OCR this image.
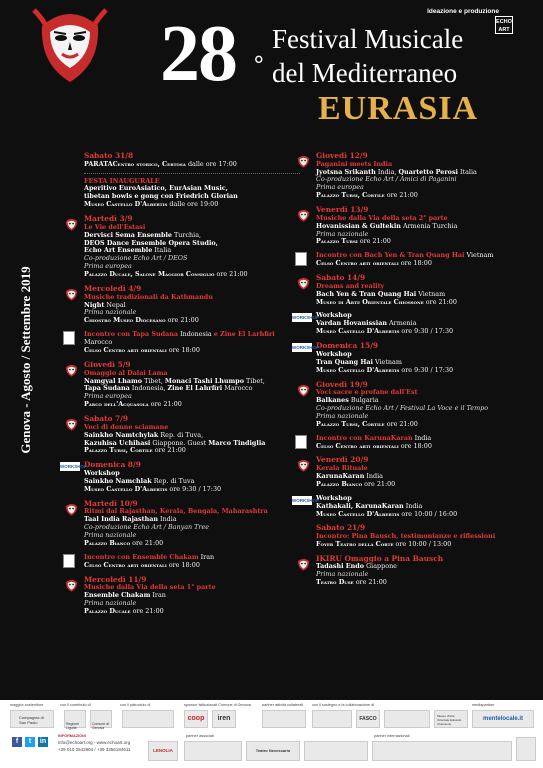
Ideazione e produzione
ECHO ART
28 °
Festival Musicale
del Mediterraneo
EURASIA
Genova - Agosto / Settembre 2019
Sabato 31/8
PARATACentro storico, Certosa dalle ore 17:00

FESTA INAUGURALE
Aperitivo EuroAsiatico, EurAsian Music,
tibetan bowls e gong con Friedrich Glorian
Museo Castello D'Albertis dalle ore 19:00
Martedì 3/9
Le Vie dell'Estasi
Dervisci Sema Ensemble Turchia,
DEOS Dance Ensemble Opera Studio,
Echo Art Ensemble Italia
Co-produzione Echo Art / DEOS
Prima europea
Palazzo Ducale, Salone Maggior Consiglio ore 21:00
Mercoledì 4/9
Musiche tradizionali da Kathmandu
Night Nepal
Prima nazionale
Chiostro Museo Diocesano ore 21:00
Incontro con Tapa Sudana Indonesia e Zine El Larhfiri Marocco
Celso Centro arti orientali ore 18:00
Giovedì 5/9
Omaggio al Dalai Lama
Namgyal Lhamo Tibet, Monaci Tashi Lhumpo Tibet,
Tapa Sudana Indonesia, Zine El Lahrfiri Marocco
Prima europea
Parco dell'Acquasola ore 21:00
Sabato 7/9
Voci di donne sciamane
Sainkho Namtchylak Rep. di Tuva,
Kazuhisa Uchihasi Giappone. Guest Marco Tindiglia
Palazzo Tursi, Cortile ore 21:00
WORKSHOP
Domenica 8/9
Workshop
Sainkho Namchlak Rep. di Tuva
Museo Castello D'Albertis ore 9:30 / 17:30
Martedì 10/9
Ritmi dal Rajasthan, Kerala, Bengala, Maharashtra
Taal India Rajasthan India
Co-produzione Echo Art / Banyan Tree
Prima nazionale
Palazzo Bianco ore 21:00
Incontro con Ensemble Chakam Iran
Celso Centro arti orientali ore 18:00
Mercoledì 11/9
Musiche dalla Via della seta 1° parte
Ensemble Chakam Iran
Prima nazionale
Palazzo Ducale ore 21:00
Giovedì 12/9
Paganini meets India
Jyotsna Srikanth India, Quartetto Perosi Italia
Co-produzione Echo Art / Amici di Paganini
Prima europea
Palazzo Tursi, Cortile ore 21:00
Venerdì 13/9
Musiche dalla Via della seta 2° parte
Hovanissian & Gultekin Armenia Turchia
Prima nazionale
Palazzo Tursi ore 21:00
Incontro con Bach Yen & Tran Quang Hai Vietnam
Celso Centro arti orientali ore 18:00
Sabato 14/9
Dreams and reality
Bach Yen & Tran Quang Hai Vietnam
Museo di Arte Orientale Chiossone ore 21:00
WORKSHOP
Workshop
Vardan Hovanissian Armenia
Museo Castello D'Albertis ore 9:30 / 17:30
WORKSHOP
Domenica 15/9
Workshop
Tran Quang Hai Vietnam
Museo Castello D'Albertis ore 9:30 / 17:30
Giovedì 19/9
Voci sacre e profane dall'Est
Balkanes Bulgaria
Co-produzione Echo Art / Festival La Voce e il Tempo
Prima nazionale
Palazzo Tursi, Cortile ore 21:00
Incontro con KarunaKaran India
Celso Centro arti orientali ore 18:00
Venerdì 20/9
Kerala Rituale
KarunaKaran India
Palazzo Bianco ore 21:00
WORKSHOP
Workshop
Kathakali, KarunaKaran India
Museo Castello D'Albertis ore 10:00 / 16:00
Sabato 21/9
Incontro: Pina Bausch, testimonianze e riflessioni
Foyer Teatro della Corte ore 10:00 / 13:00
IKIRU Omaggio a Pina Bausch
Tadashi Endo Giappone
Prima nazionale
Teatro Duse ore 21:00
maggior sostenitore	con il contributo di	con il patrocinio di	sponsor istituzionali Comune di Genova	partner attività collaterali con il sostegno e la collaborazione di	mediapartner
Compagnia di San Paolo	Regione Liguria
Comune di Genova
coop	iren	FASCO	Museo d'Arte Orientale Edoardo Chiossone
mentelocale.it
f	t	in
INFORMAZIONI
info@echoart.org - www.echoart.org
+39 010 2542804 / +39 3356184611
partner associati
LENOLIA	Teatro Necessario
partner internazionali
